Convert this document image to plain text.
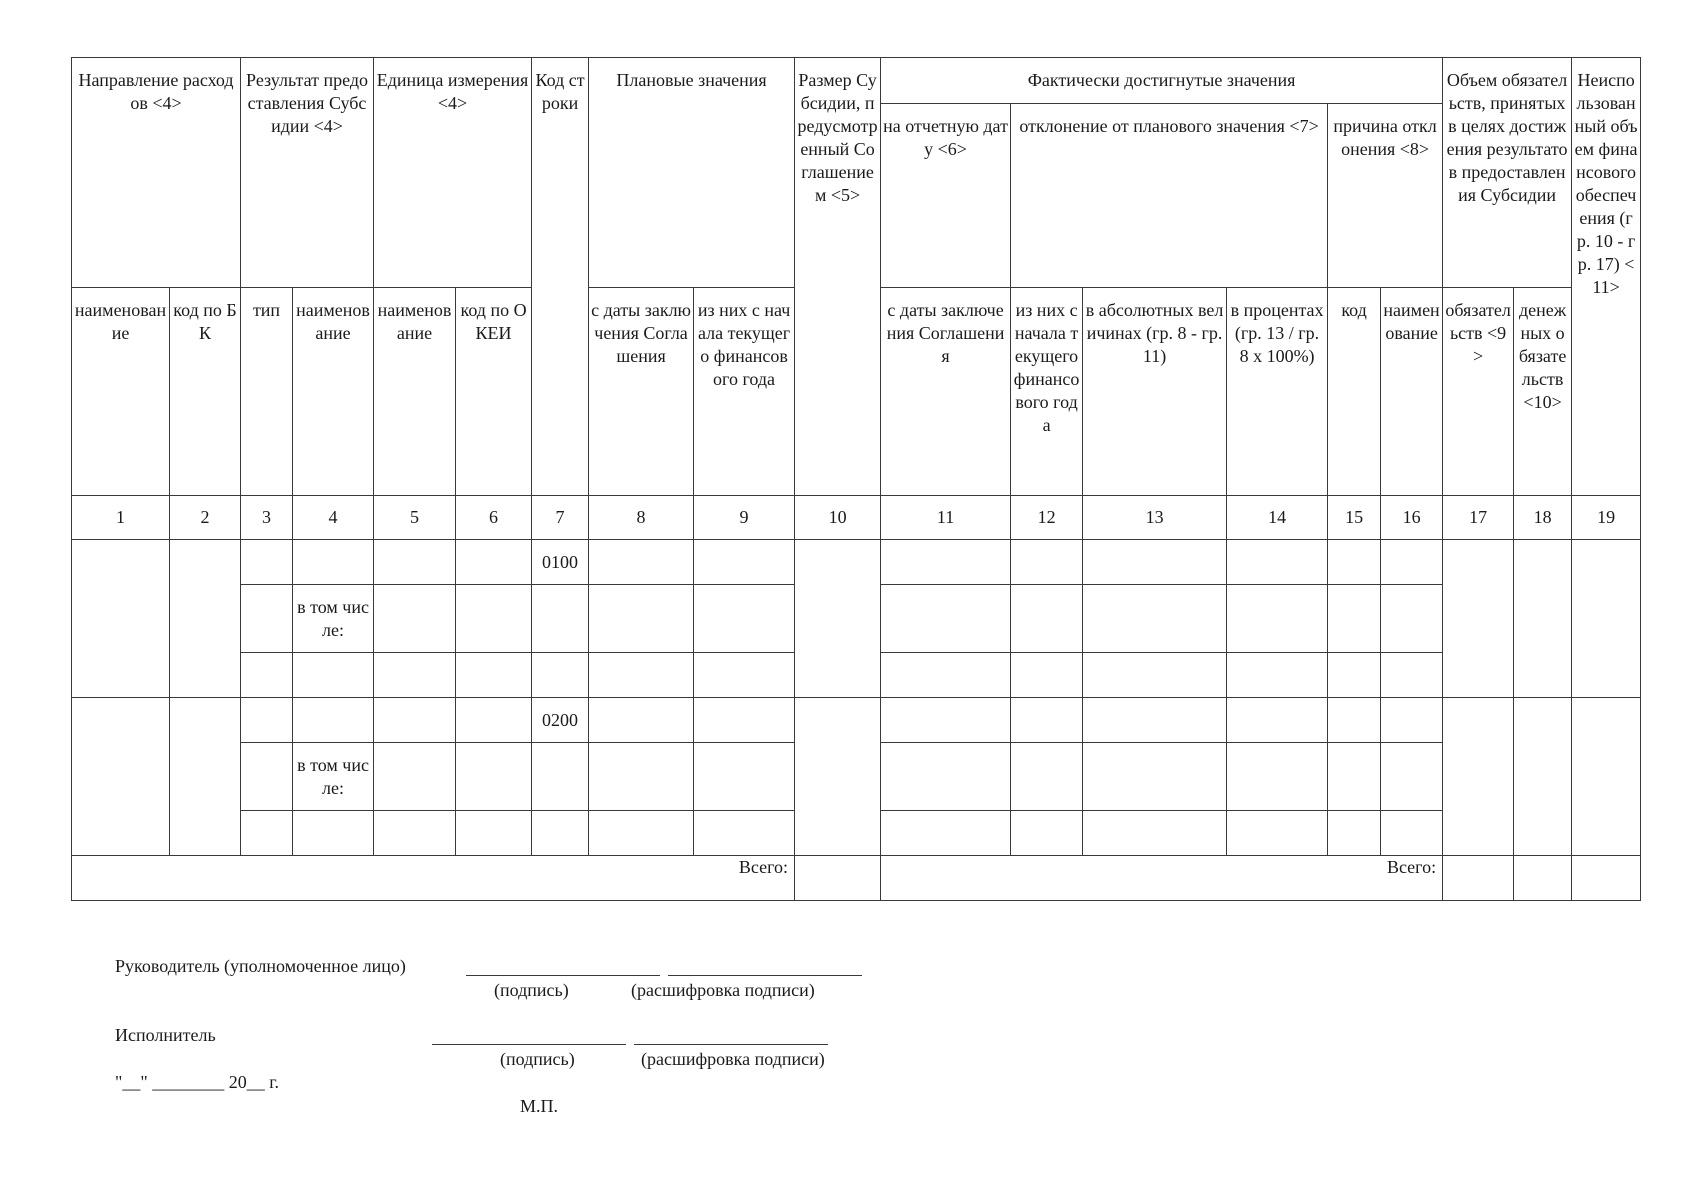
Направление расходов <4>		Результат предоставления Субсидии <4>		Единица измерения <4>		Код строки	Плановые значения		Размер Субсидии, предусмотренный Соглашением <5>	Фактически достигнутые значения						Объем обязательств, принятых в целях достижения результатов предоставления Субсидии		Неиспользованный объем финансового обеспечения (гр. 10 - гр. 17) <11>
										на отчетную дату <6>	отклонение от планового значения <7>			причина отклонения <8>				
наименование	код по БК	тип	наименование	наименование	код по ОКЕИ		с даты заключения Соглашения	из них с начала текущего финансового года		с даты заключения Соглашения	из них с начала текущего финансового года	в абсолютных величинах (гр. 8 - гр. 11)	в процентах (гр. 13 / гр. 8 x 100%)	код	наименование	обязательств <9>	денежных обязательств <10>	
1	2	3	4	5	6	7	8	9	10	11	12	13	14	15	16	17	18	19
						0100												
			в том числе:															

						0200												
			в том числе:															

Всего:										Всего:								
Руководитель (уполномоченное лицо)
(подпись)	(расшифровка подписи)
Исполнитель
(подпись)	(расшифровка подписи)
"__" ________ 20__ г.
М.П.
